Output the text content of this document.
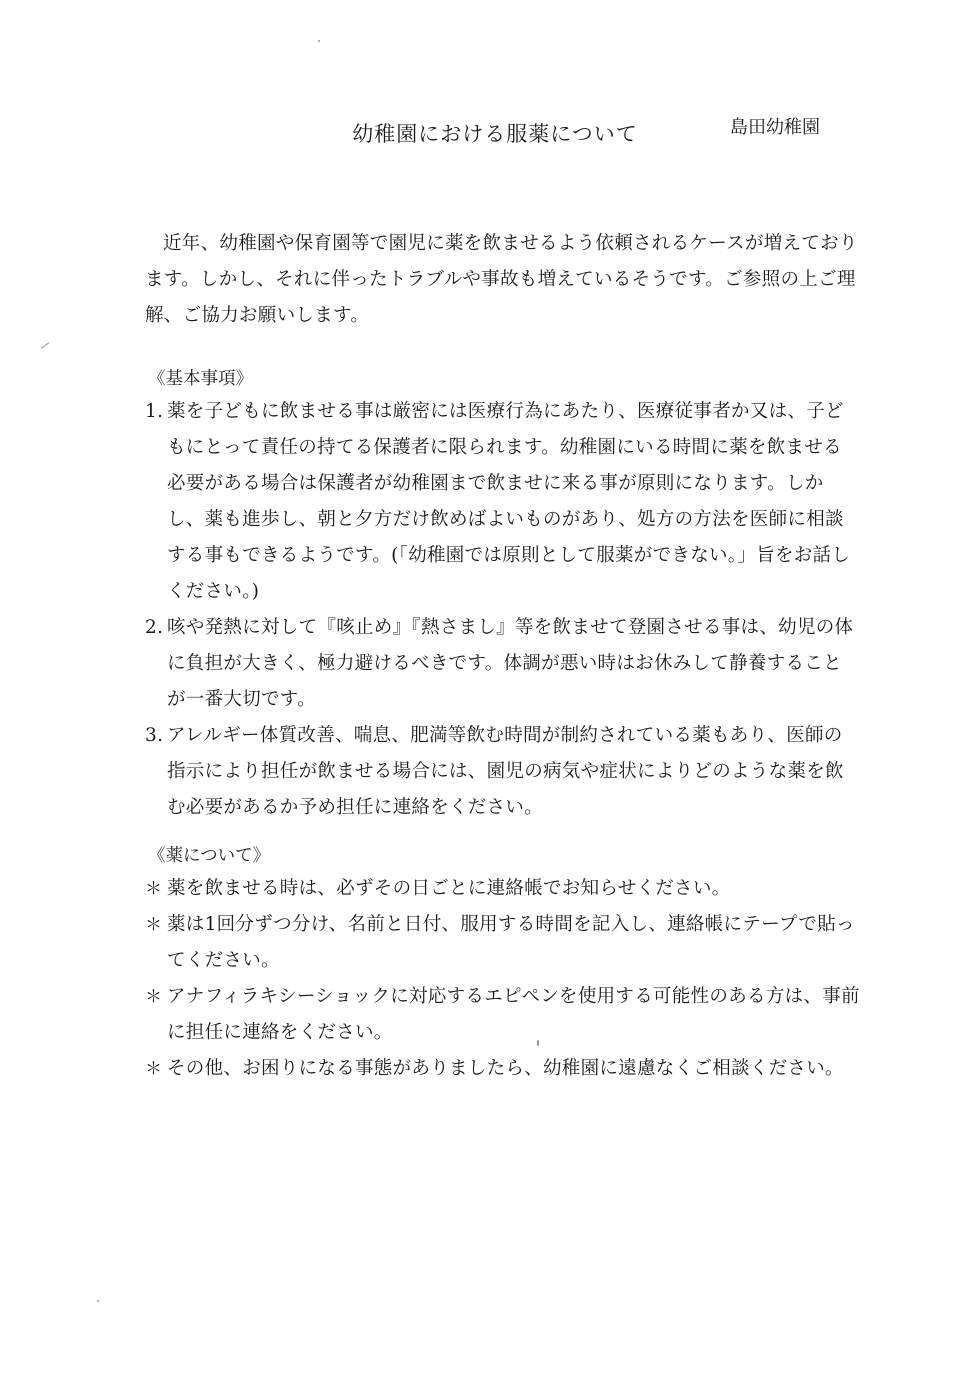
幼稚園における服薬について	島田幼稚園

近年、幼稚園や保育園等で園児に薬を飲ませるよう依頼されるケースが増えております。しかし、それに伴ったトラブルや事故も増えているそうです。ご参照の上ご理解、ご協力お願いします。

《基本事項》
1. 薬を子どもに飲ませる事は厳密には医療行為にあたり、医療従事者か又は、子どもにとって責任の持てる保護者に限られます。幼稚園にいる時間に薬を飲ませる必要がある場合は保護者が幼稚園まで飲ませに来る事が原則になります。しかし、薬も進歩し、朝と夕方だけ飲めばよいものがあり、処方の方法を医師に相談する事もできるようです。(「幼稚園では原則として服薬ができない。」旨をお話しください。)
2. 咳や発熱に対して『咳止め』『熱さまし』等を飲ませて登園させる事は、幼児の体に負担が大きく、極力避けるべきです。体調が悪い時はお休みして静養することが一番大切です。
3. アレルギー体質改善、喘息、肥満等飲む時間が制約されている薬もあり、医師の指示により担任が飲ませる場合には、園児の病気や症状によりどのような薬を飲む必要があるか予め担任に連絡をください。
《薬について》
＊ 薬を飲ませる時は、必ずその日ごとに連絡帳でお知らせください。
＊ 薬は1回分ずつ分け、名前と日付、服用する時間を記入し、連絡帳にテープで貼ってください。
＊ アナフィラキシーショックに対応するエピペンを使用する可能性のある方は、事前に担任に連絡をください。
＊ その他、お困りになる事態がありましたら、幼稚園に遠慮なくご相談ください。
